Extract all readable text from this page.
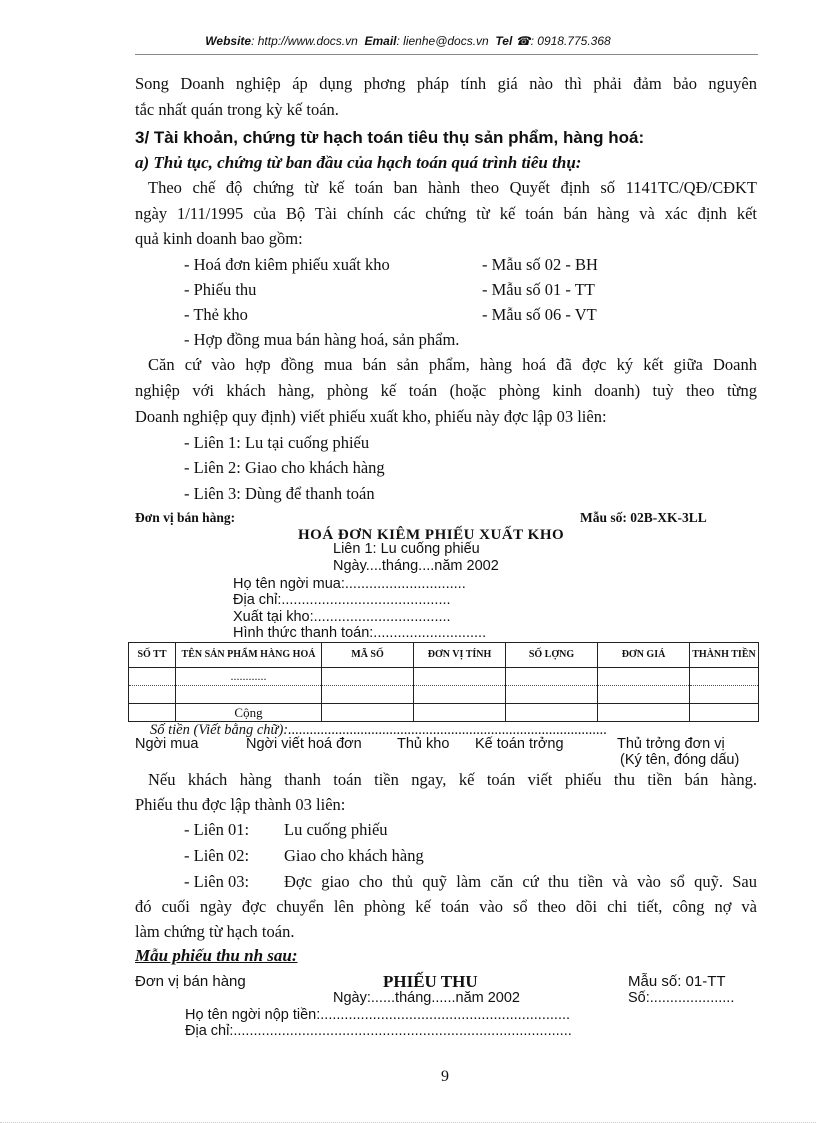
Website: http://www.docs.vn Email: lienhe@docs.vn Tel ☎: 0918.775.368
Song Doanh nghiệp áp dụng phơng pháp tính giá nào thì phải đảm bảo nguyên
tắc nhất quán trong kỳ kế toán.
3/ Tài khoản, chứng từ hạch toán tiêu thụ sản phẩm, hàng hoá:
a) Thủ tục, chứng từ ban đầu của hạch toán quá trình tiêu thụ:
Theo chế độ chứng từ kế toán ban hành theo Quyết định số 1141TC/QĐ/CĐKT
ngày 1/11/1995 của Bộ Tài chính các chứng từ kế toán bán hàng và xác định kết
quả kinh doanh bao gồm:
- Hoá đơn kiêm phiếu xuất kho	- Mẫu số 02 - BH
- Phiếu thu	- Mẫu số 01 - TT
- Thẻ kho	- Mẫu số 06 - VT
- Hợp đồng mua bán hàng hoá, sản phẩm.
Căn cứ vào hợp đồng mua bán sản phẩm, hàng hoá đã đợc ký kết giữa Doanh
nghiệp với khách hàng, phòng kế toán (hoặc phòng kinh doanh) tuỳ theo từng
Doanh nghiệp quy định) viết phiếu xuất kho, phiếu này đợc lập 03 liên:
- Liên 1: Lu tại cuống phiếu
- Liên 2: Giao cho khách hàng
- Liên 3: Dùng để thanh toán
Đơn vị bán hàng:	Mẫu số: 02B-XK-3LL
HOÁ ĐƠN KIÊM PHIẾU XUẤT KHO
Liên 1: Lu cuống phiếu
Ngày....tháng....năm 2002
Họ tên ngời mua:..............................
Địa chỉ:..........................................
Xuất tại kho:..................................
Hình thức thanh toán:............................
SỐ TT	TÊN SẢN PHẨM HÀNG HOÁ	MÃ SỐ	ĐƠN VỊ TÍNH	SỐ LỢNG	ĐƠN GIÁ	THÀNH TIỀN
	............					

	Cộng					
Số tiền (Viết bằng chữ):........................................................................................
Ngời mua	Ngời viết hoá đơn Thủ kho Kế toán trởng	Thủ trởng đơn vị
(Ký tên, đóng dấu)
Nếu khách hàng thanh toán tiền ngay, kế toán viết phiếu thu tiền bán hàng.
Phiếu thu đợc lập thành 03 liên:
- Liên 01: Lu cuống phiếu
- Liên 02: Giao cho khách hàng
- Liên 03: Đợc giao cho thủ quỹ làm căn cứ thu tiền và vào sổ quỹ. Sau
đó cuối ngày đợc chuyển lên phòng kế toán vào sổ theo dõi chi tiết, công nợ và
làm chứng từ hạch toán.
Mẫu phiếu thu nh sau:
Đơn vị bán hàng	PHIẾU THU	Mẫu số: 01-TT
Ngày:......tháng......năm 2002	Số:.....................
Họ tên ngời nộp tiền:..............................................................
Địa chỉ:....................................................................................
9
